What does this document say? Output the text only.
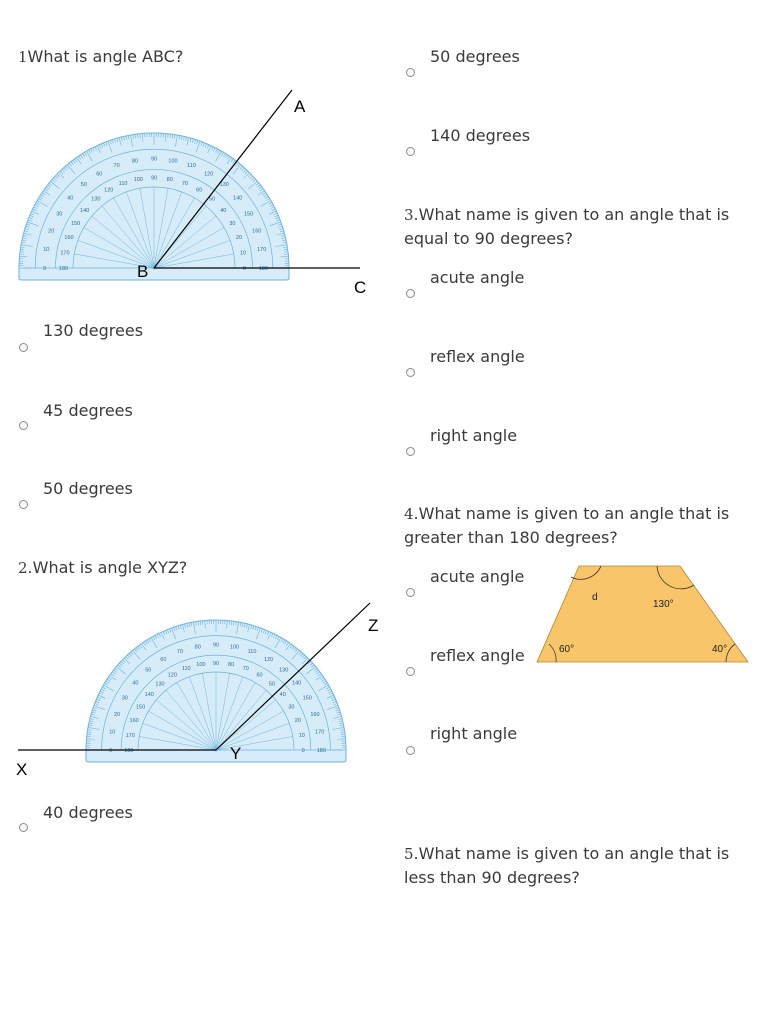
1What is angle ABC?
0 180
10
170
20
160
30
150
40
140
50
130
60
120
70
110
80
100
90
90
100
80
110
70
120
60
130
50	140
40
150
30
160
20
170
10
180
0
A
B
C
130 degrees
45 degrees
50 degrees
2.What is angle XYZ?
0 180
10
170
20
160
30
150
40
140
50
130
60
120
70
110
80
100
90
90
100
80
110
70
120
60
130
50	140
40
150
30
160
20
170
10
180
0
X
Y
Z
40 degrees
50 degrees
140 degrees
3.What name is given to an angle that is equal to 90 degrees?
acute angle
reflex angle
right angle
4.What name is given to an angle that is greater than 180 degrees?
acute angle
reflex angle
right angle
d
130°
60°	40°
5.What name is given to an angle that is less than 90 degrees?
